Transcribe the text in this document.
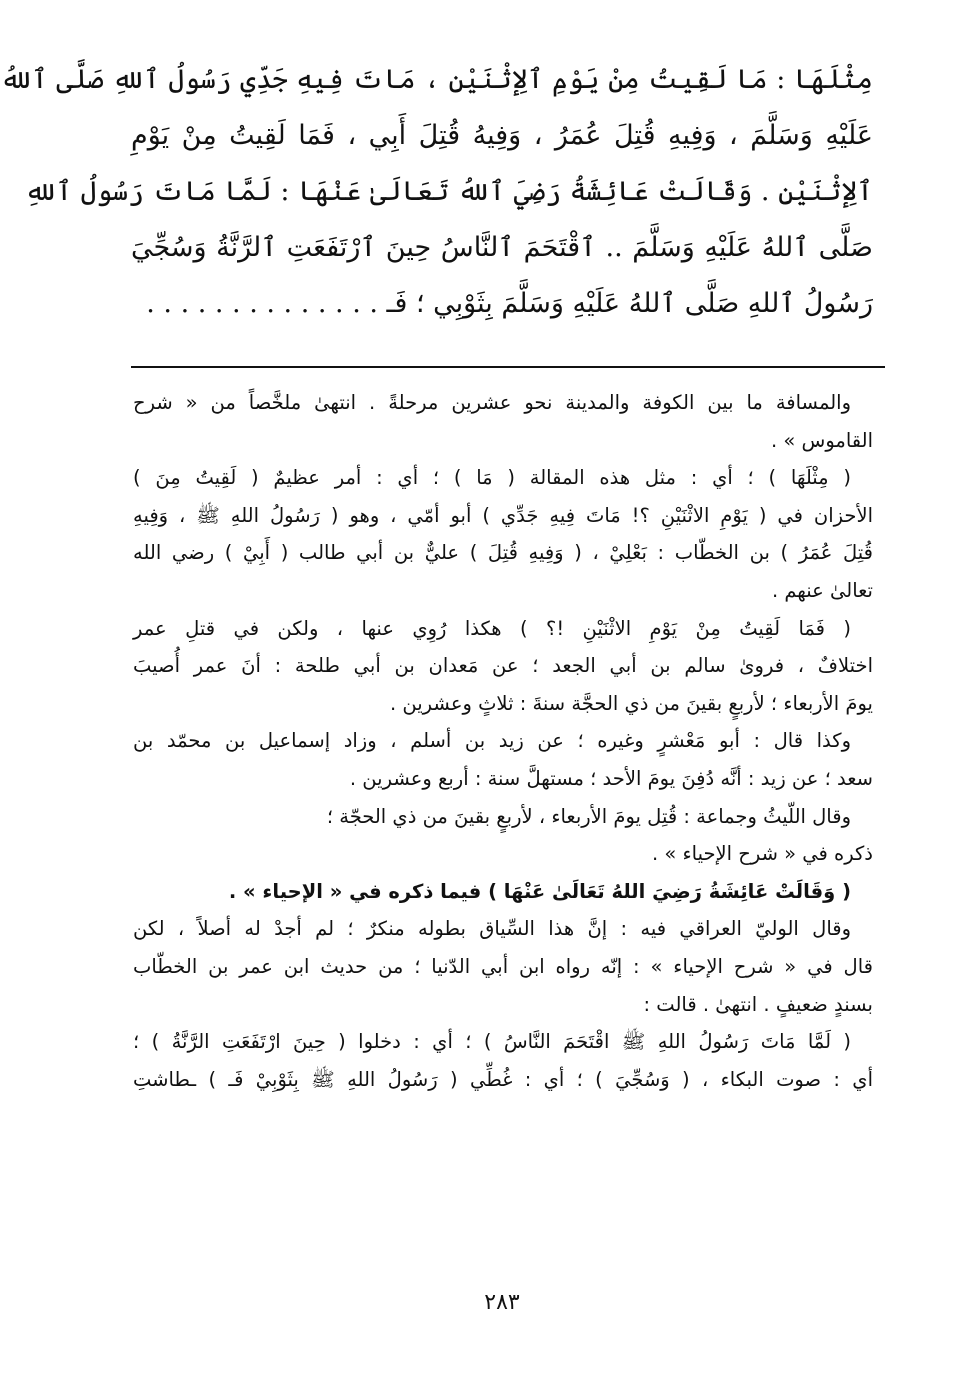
مِثْلَهَا : مَا لَقِيتُ مِنْ يَوْمِ ٱلِإثْنَيْنِ ، مَاتَ فِيهِ جَدِّي رَسُولُ ٱللهِ صَلَّى ٱللهُ
عَلَيْهِ وَسَلَّمَ ، وَفِيهِ قُتِلَ عُمَرُ ، وَفِيهُ قُتِلَ أَبِي ، فَمَا لَقِيتُ مِنْ يَوْمِ
ٱلِإثْنَيْنِ . وَقَالَتْ عَائِشَةُ رَضِيَ ٱللهُ تَعَالَىٰ عَنْهَا : لَمَّا مَاتَ رَسُولُ ٱللهِ
صَلَّى ٱللهُ عَلَيْهِ وَسَلَّمَ .. ٱقْتَحَمَ ٱلنَّاسُ حِينَ ٱرْتَفَعَتِ ٱلرَّنَّةُ وَسُجِّيَ
رَسُولُ ٱللهِ صَلَّى ٱللهُ عَلَيْهِ وَسَلَّمَ بِثَوْبِي ؛ فَـ . . . . . . . . . . . . . .

والمسافة ما بين الكوفة والمدينة نحو عشرين مرحلةً . انتهىٰ ملخَّصاً من « شرح
القاموس » .

( مِثْلَهَا ) ؛ أي : مثل هذه المقالة ( مَا ) ؛ أي : أمر عظيمٌ ( لَقِيتُ مِنَ )
الأحزان في ( يَوْمِ الاثْنَيْنِ ؟! مَاتَ فِيهِ جَدِّي ) أبو أمّي ، وهو ( رَسُولُ اللهِ ﷺ ، وَفِيهِ
قُتِلَ عُمَرُ ) بن الخطّاب : بَعْلِيْ ، ( وَفِيهِ قُتِلَ ) عليٌّ بن أبي طالب ( أَبِيْ ) رضي الله
تعالىٰ عنهم .

( فَمَا لَقِيتُ مِنْ يَوْمِ الاثْنَيْنِ !؟ ) هكذا رُوِي عنها ، ولكن في قتلِ عمر
اختلافٌ ، فروىٰ سالم بن أبي الجعد ؛ عن مَعدان بن أبي طلحة : أنَ عمر أُصيبَ
يومَ الأربعاء ؛ لأربعٍ بقينَ من ذي الحجَّة سنةَ : ثلاثٍ وعشرين .

وكذا قال : أبو مَعْشرٍ وغيره ؛ عن زيد بن أسلم ، وزاد إسماعيل بن محمّد بن
سعد ؛ عن زيد : أنَّه دُفِنَ يومَ الأحد ؛ مستهلَّ سنة : أربع وعشرين .

وقال اللّيثُ وجماعة : قُتِل يومَ الأربعاء ، لأربعٍ بقينَ من ذي الحجّة ؛
ذكره في « شرح الإحياء » .

( وَقَالَتْ عَائِشَةُ رَضِيَ اللهُ تَعَالَىٰ عَنْهَا ) فيما ذكره في « الإحياء » .

وقال الوليّ العراقي فيه : إنَّ هذا السِّياق بطوله منكرٌ ؛ لم أجدْ له أصلاً ، لكن
قال في « شرح الإحياء » : إنّه رواه ابن أبي الدّنيا ؛ من حديث ابن عمر بن الخطّاب
بسندٍ ضعيفٍ . انتهىٰ . قالت :

( لَمَّا مَاتَ رَسُولُ اللهِ ﷺ اقْتَحَمَ النَّاسُ ) ؛ أي : دخلوا ( حِينَ ارْتَفَعَتِ الرَّنَّةُ ) ؛
أي : صوت البكاء ، ( وَسُجِّيَ ) ؛ أي : غُطِّي ( رَسُولُ اللهِ ﷺ بِثَوْبِيْ فَـ ) ـطاشتِ

٢٨٣
